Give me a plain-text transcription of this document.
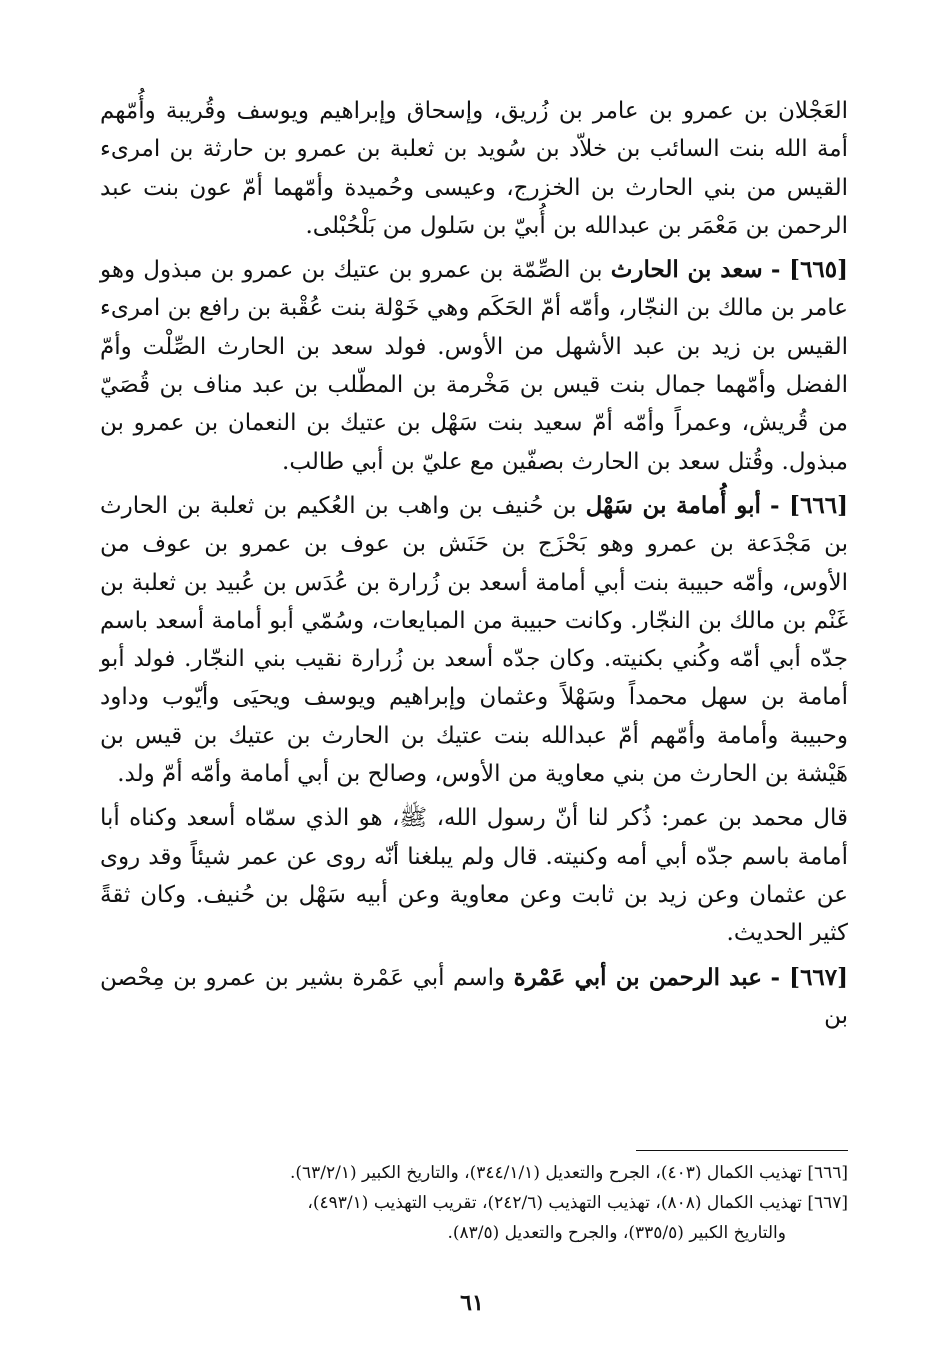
العَجْلان بن عمرو بن عامر بن زُريق، وإسحاق وإبراهيم ويوسف وقُريبة وأُمّهم أمة الله بنت السائب بن خلاّد بن سُويد بن ثعلبة بن عمرو بن حارثة بن امرىء القيس من بني الحارث بن الخزرج، وعيسى وحُميدة وأمّهما أمّ عون بنت عبد الرحمن بن مَعْمَر بن عبدالله بن أُبيّ بن سَلول من بَلْحُبْلى.

[٦٦٥] - سعد بن الحارث بن الصِّمّة بن عمرو بن عتيك بن عمرو بن مبذول وهو عامر بن مالك بن النجّار، وأمّه أمّ الحَكَم وهي خَوْلة بنت عُقْبة بن رافع بن امرىء القيس بن زيد بن عبد الأشهل من الأوس. فولد سعد بن الحارث الصِّلْت وأمّ الفضل وأمّهما جمال بنت قيس بن مَخْرمة بن المطّلب بن عبد مناف بن قُصَيّ من قُريش، وعمراً وأمّه أمّ سعيد بنت سَهْل بن عتيك بن النعمان بن عمرو بن مبذول. وقُتل سعد بن الحارث بصفّين مع عليّ بن أبي طالب.

[٦٦٦] - أبو أُمامة بن سَهْل بن حُنيف بن واهب بن العُكيم بن ثعلبة بن الحارث بن مَجْدَعة بن عمرو وهو بَحْزَج بن حَنَش بن عوف بن عمرو بن عوف من الأوس، وأمّه حبيبة بنت أبي أمامة أسعد بن زُرارة بن عُدَس بن عُبيد بن ثعلبة بن غَنْم بن مالك بن النجّار. وكانت حبيبة من المبايعات، وسُمّي أبو أمامة أسعد باسم جدّه أبي أمّه وكُني بكنيته. وكان جدّه أسعد بن زُرارة نقيب بني النجّار. فولد أبو أمامة بن سهل محمداً وسَهْلاً وعثمان وإبراهيم ويوسف ويحيَى وأيّوب وداود وحبيبة وأمامة وأمّهم أمّ عبدالله بنت عتيك بن الحارث بن عتيك بن قيس بن هَيْشة بن الحارث من بني معاوية من الأوس، وصالح بن أبي أمامة وأمّه أمّ ولد.

قال محمد بن عمر: ذُكر لنا أنّ رسول الله، ﷺ، هو الذي سمّاه أسعد وكناه أبا أمامة باسم جدّه أبي أمه وكنيته. قال ولم يبلغنا أنّه روى عن عمر شيئاً وقد روى عن عثمان وعن زيد بن ثابت وعن معاوية وعن أبيه سَهْل بن حُنيف. وكان ثقةً كثير الحديث.

[٦٦٧] - عبد الرحمن بن أبي عَمْرة واسم أبي عَمْرة بشير بن عمرو بن مِحْصن بن

[٦٦٦] تهذيب الكمال (٤٠٣)، الجرح والتعديل (٣٤٤/١/١)، والتاريخ الكبير (٦٣/٢/١).

[٦٦٧] تهذيب الكمال (٨٠٨)، تهذيب التهذيب (٢٤٢/٦)، تقريب التهذيب (٤٩٣/١)،

والتاريخ الكبير (٣٣٥/٥)، والجرح والتعديل (٨٣/٥).

٦١
